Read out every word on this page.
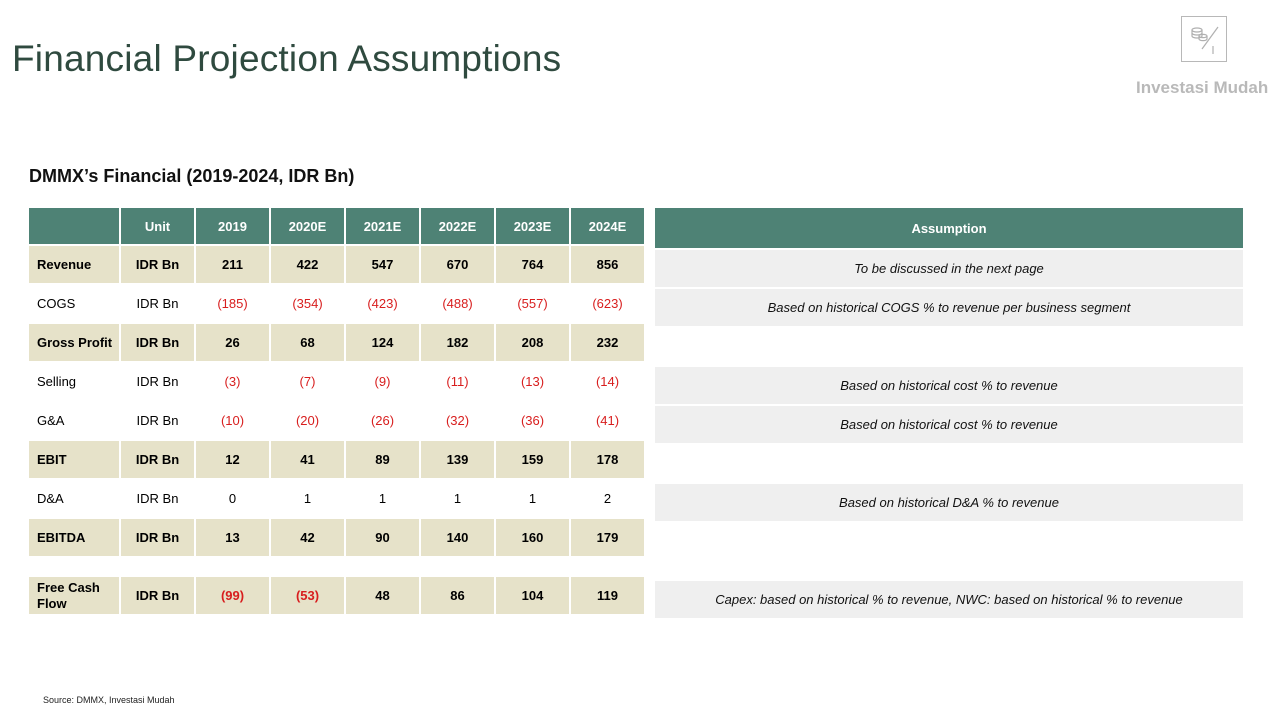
Financial Projection Assumptions
Investasi Mudah
DMMX’s Financial (2019-2024, IDR Bn)
	Unit	2019	2020E	2021E	2022E	2023E	2024E
Revenue	IDR Bn	211	422	547	670	764	856
COGS	IDR Bn	(185)	(354)	(423)	(488)	(557)	(623)
Gross Profit	IDR Bn	26	68	124	182	208	232
Selling	IDR Bn	(3)	(7)	(9)	(11)	(13)	(14)
G&A	IDR Bn	(10)	(20)	(26)	(32)	(36)	(41)
EBIT	IDR Bn	12	41	89	139	159	178
D&A	IDR Bn	0	1	1	1	1	2
EBITDA	IDR Bn	13	42	90	140	160	179

Free Cash Flow	IDR Bn	(99)	(53)	48	86	104	119
Assumption
To be discussed in the next page
Based on historical COGS % to revenue per business segment

Based on historical cost % to revenue
Based on historical cost % to revenue

Based on historical D&A % to revenue

Capex: based on historical % to revenue, NWC: based on historical % to revenue
Source: DMMX, Investasi Mudah
